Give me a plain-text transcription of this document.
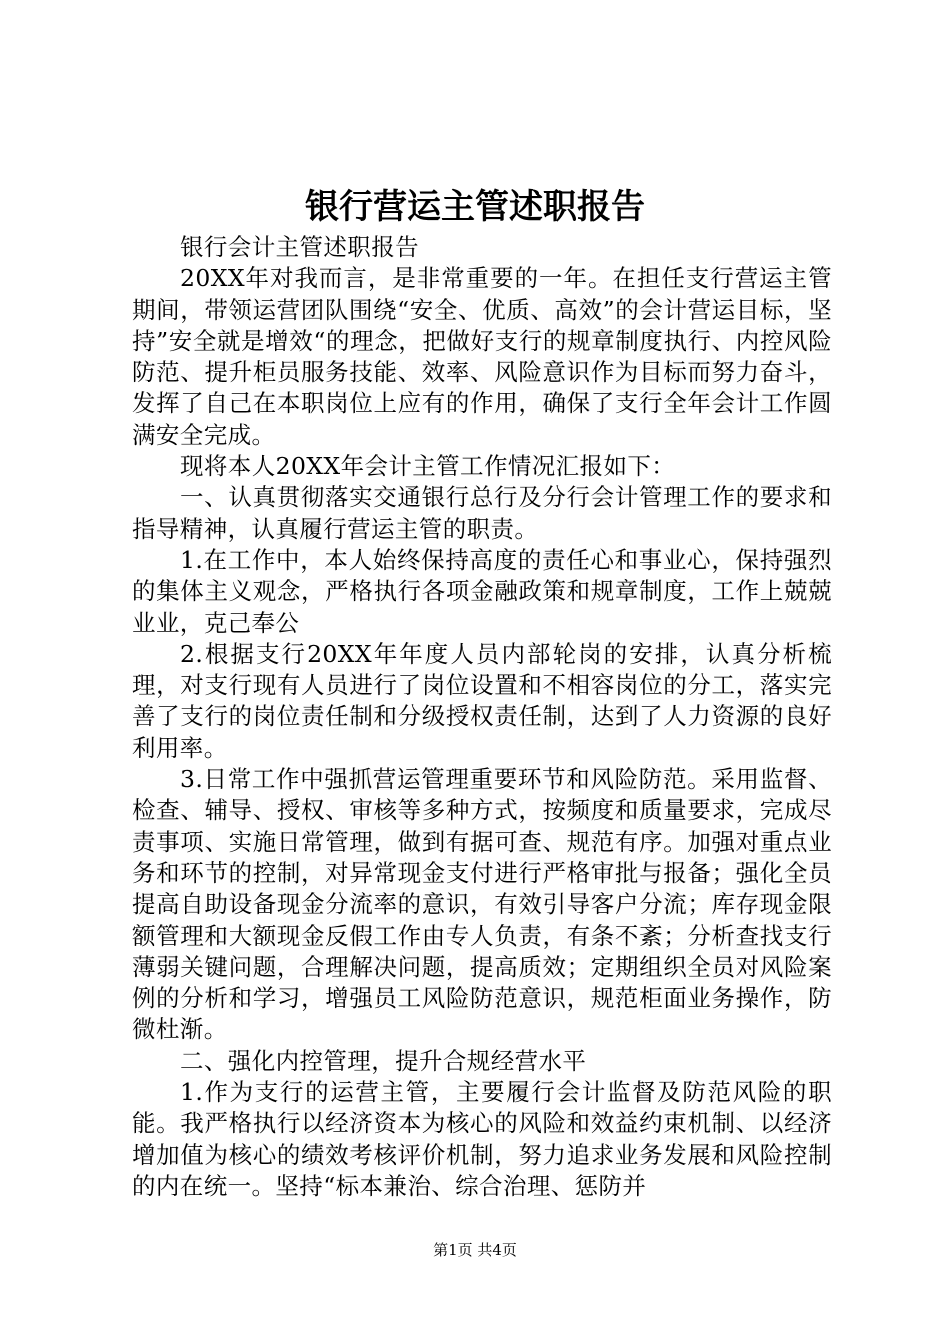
银行营运主管述职报告

银行会计主管述职报告

20XX年对我而言，是非常重要的一年。在担任支行营运主管期间，带领运营团队围绕“安全、优质、高效”的会计营运目标，坚持”安全就是增效“的理念，把做好支行的规章制度执行、内控风险防范、提升柜员服务技能、效率、风险意识作为目标而努力奋斗，发挥了自己在本职岗位上应有的作用，确保了支行全年会计工作圆满安全完成。

现将本人20XX年会计主管工作情况汇报如下：

一、认真贯彻落实交通银行总行及分行会计管理工作的要求和指导精神，认真履行营运主管的职责。

1.在工作中，本人始终保持高度的责任心和事业心，保持强烈的集体主义观念，严格执行各项金融政策和规章制度，工作上兢兢业业，克己奉公

2.根据支行20XX年年度人员内部轮岗的安排，认真分析梳理，对支行现有人员进行了岗位设置和不相容岗位的分工，落实完善了支行的岗位责任制和分级授权责任制，达到了人力资源的良好利用率。

3.日常工作中强抓营运管理重要环节和风险防范。采用监督、检查、辅导、授权、审核等多种方式，按频度和质量要求，完成尽责事项、实施日常管理，做到有据可查、规范有序。加强对重点业务和环节的控制，对异常现金支付进行严格审批与报备；强化全员提高自助设备现金分流率的意识，有效引导客户分流；库存现金限额管理和大额现金反假工作由专人负责，有条不紊；分析查找支行薄弱关键问题，合理解决问题，提高质效；定期组织全员对风险案例的分析和学习，增强员工风险防范意识，规范柜面业务操作，防微杜渐。

二、强化内控管理，提升合规经营水平

1.作为支行的运营主管，主要履行会计监督及防范风险的职能。我严格执行以经济资本为核心的风险和效益约束机制、以经济增加值为核心的绩效考核评价机制，努力追求业务发展和风险控制的内在统一。坚持“标本兼治、综合治理、惩防并

第1页 共4页
